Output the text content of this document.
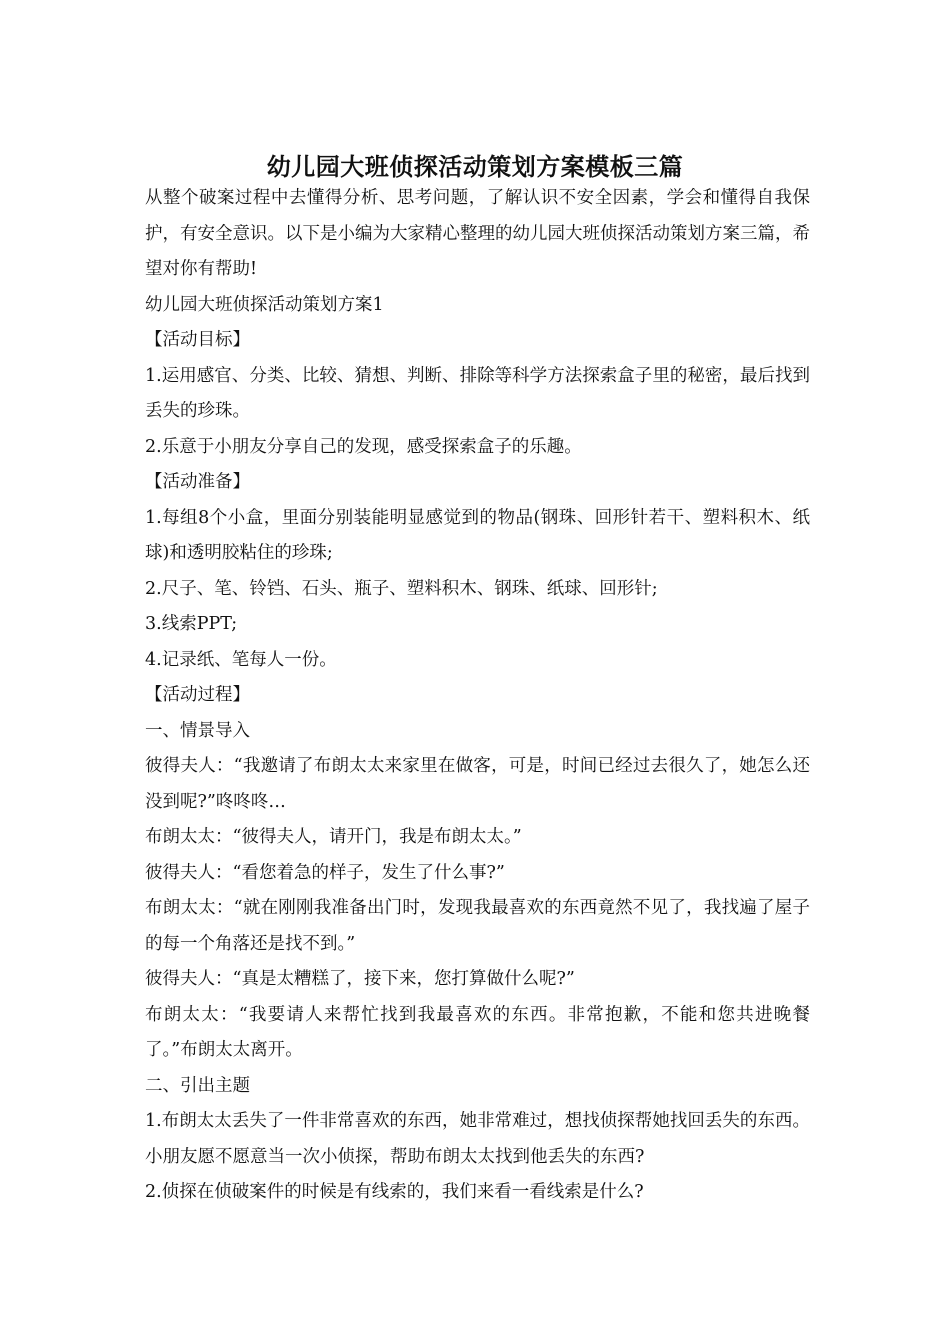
幼儿园大班侦探活动策划方案模板三篇

从整个破案过程中去懂得分析、思考问题，了解认识不安全因素，学会和懂得自我保护，有安全意识。以下是小编为大家精心整理的幼儿园大班侦探活动策划方案三篇，希望对你有帮助!

幼儿园大班侦探活动策划方案1

【活动目标】

1.运用感官、分类、比较、猜想、判断、排除等科学方法探索盒子里的秘密，最后找到丢失的珍珠。

2.乐意于小朋友分享自己的发现，感受探索盒子的乐趣。

【活动准备】

1.每组8个小盒，里面分别装能明显感觉到的物品(钢珠、回形针若干、塑料积木、纸球)和透明胶粘住的珍珠;

2.尺子、笔、铃铛、石头、瓶子、塑料积木、钢珠、纸球、回形针;

3.线索PPT;

4.记录纸、笔每人一份。

【活动过程】

一、情景导入

彼得夫人：“我邀请了布朗太太来家里在做客，可是，时间已经过去很久了，她怎么还没到呢?”咚咚咚…

布朗太太：“彼得夫人，请开门，我是布朗太太。”

彼得夫人：“看您着急的样子，发生了什么事?”

布朗太太：“就在刚刚我准备出门时，发现我最喜欢的东西竟然不见了，我找遍了屋子的每一个角落还是找不到。”

彼得夫人：“真是太糟糕了，接下来，您打算做什么呢?”

布朗太太：“我要请人来帮忙找到我最喜欢的东西。非常抱歉，不能和您共进晚餐了。”布朗太太离开。

二、引出主题

1.布朗太太丢失了一件非常喜欢的东西，她非常难过，想找侦探帮她找回丢失的东西。小朋友愿不愿意当一次小侦探，帮助布朗太太找到他丢失的东西?

2.侦探在侦破案件的时候是有线索的，我们来看一看线索是什么?
